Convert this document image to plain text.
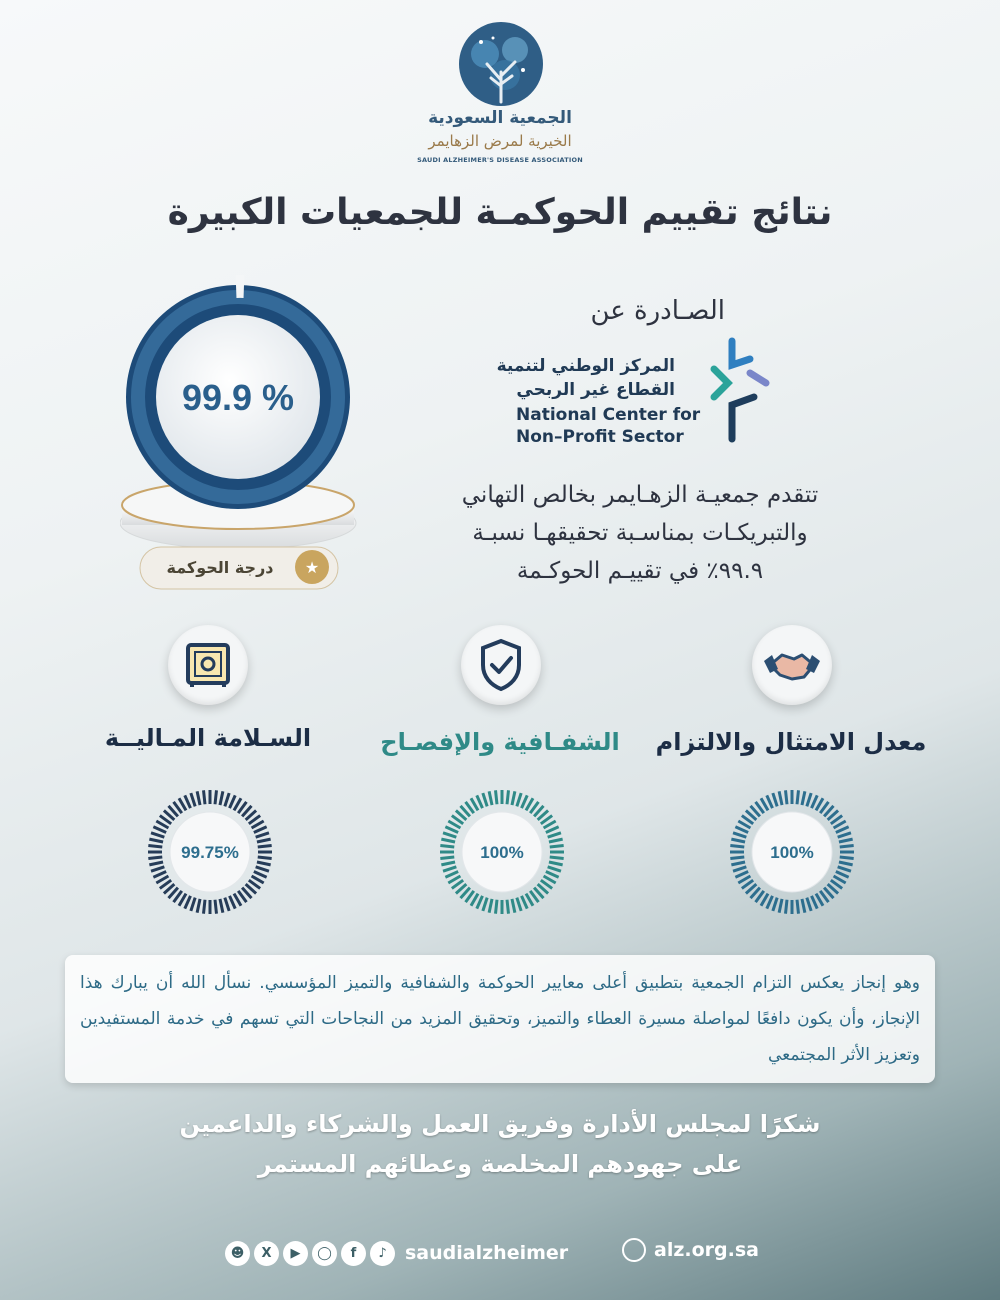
الجمعية السعودية
الخيرية لمرض الزهايمر
SAUDI ALZHEIMER'S DISEASE ASSOCIATION
نتائج تقييم الحوكمـة للجمعيات الكبيرة
99.9 %
★
درجة الحوكمة
الصـادرة عن
المركز الوطني لتنمية
القطاع غير الربحي
National Center for
Non–Profit Sector
تتقدم جمعيـة الزهـايمر بخالص التهاني
والتبريكـات بمناسـبة تحقيقهـا نسبـة
٩٩.٩٪ في تقييـم الحوكـمة
معدل الامتثال والالتزام
الشفـافية والإفصـاح
السـلامة المـاليــة
100%
100%
99.75%
وهو إنجاز يعكس التزام الجمعية بتطبيق أعلى معايير الحوكمة والشفافية والتميز المؤسسي. نسأل الله أن يبارك هذا الإنجاز، وأن يكون دافعًا لمواصلة مسيرة العطاء والتميز، وتحقيق المزيد من النجاحات التي تسهم في خدمة المستفيدين وتعزيز الأثر المجتمعي
شكرًا لمجلس الأدارة وفريق العمل والشركاء والداعمين
على جهودهم المخلصة وعطائهم المستمر
☻	X	▶	◯	f	♪ saudialzheimer	alz.org.sa
